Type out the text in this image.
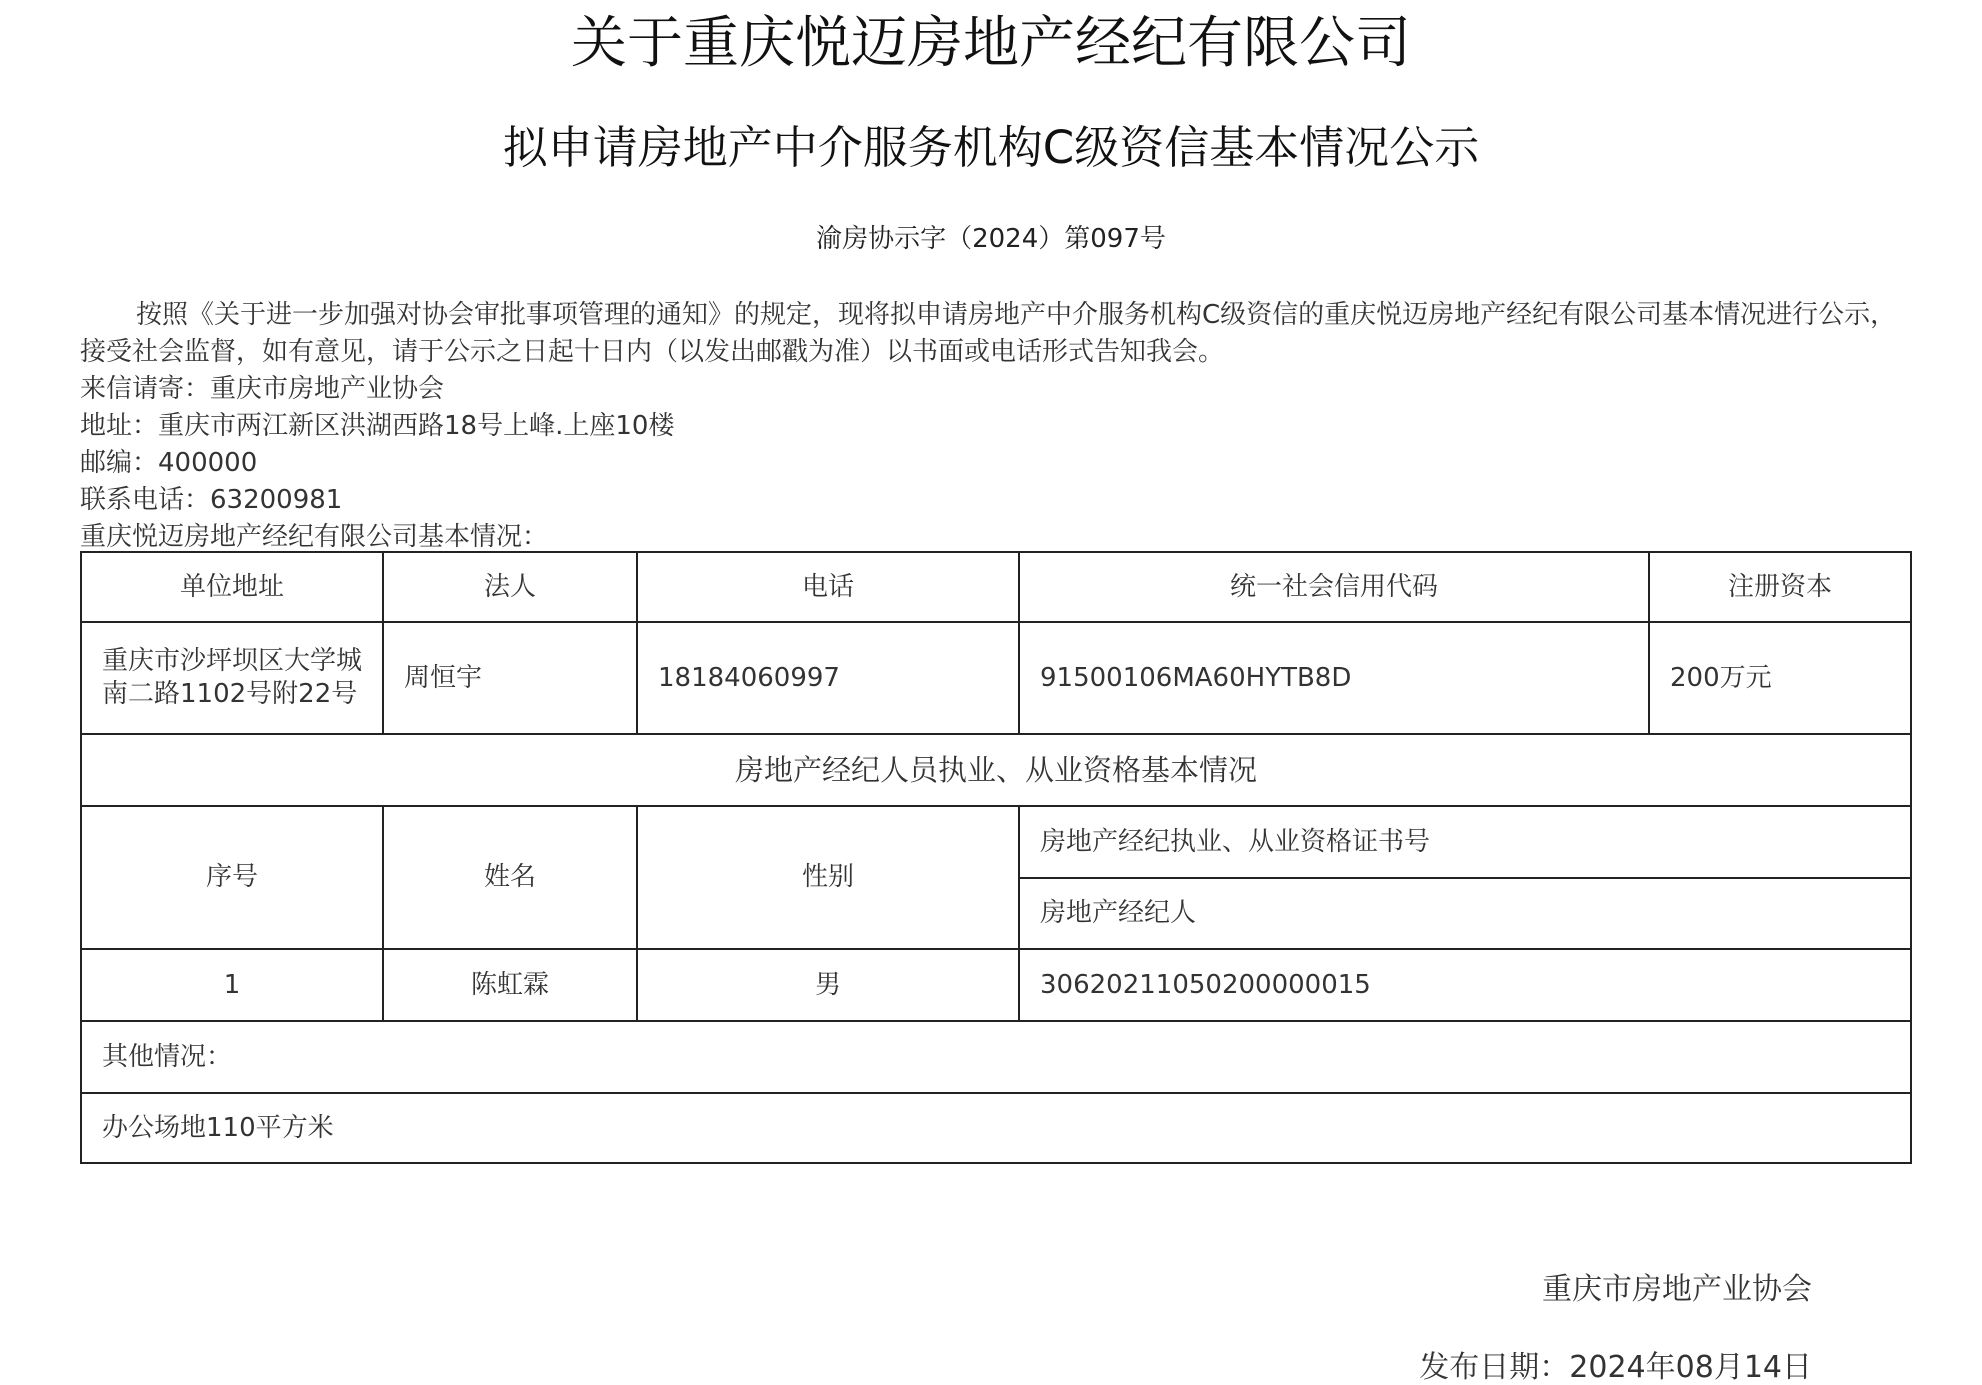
关于重庆悦迈房地产经纪有限公司
拟申请房地产中介服务机构C级资信基本情况公示
渝房协示字（2024）第097号

按照《关于进一步加强对协会审批事项管理的通知》的规定，现将拟申请房地产中介服务机构C级资信的重庆悦迈房地产经纪有限公司基本情况进行公示，接受社会监督，如有意见，请于公示之日起十日内（以发出邮戳为准）以书面或电话形式告知我会。

来信请寄：重庆市房地产业协会

地址：重庆市两江新区洪湖西路18号上峰.上座10楼

邮编：400000

联系电话：63200981

重庆悦迈房地产经纪有限公司基本情况：

单位地址	法人	电话	统一社会信用代码	注册资本
重庆市沙坪坝区大学城南二路1102号附22号	周恒宇	18184060997	91500106MA60HYTB8D	200万元
房地产经纪人员执业、从业资格基本情况				
序号	姓名	性别	房地产经纪执业、从业资格证书号	
			房地产经纪人	
1	陈虹霖	男	30620211050200000015	
其他情况：				
办公场地110平方米				
重庆市房地产业协会
发布日期：2024年08月14日
